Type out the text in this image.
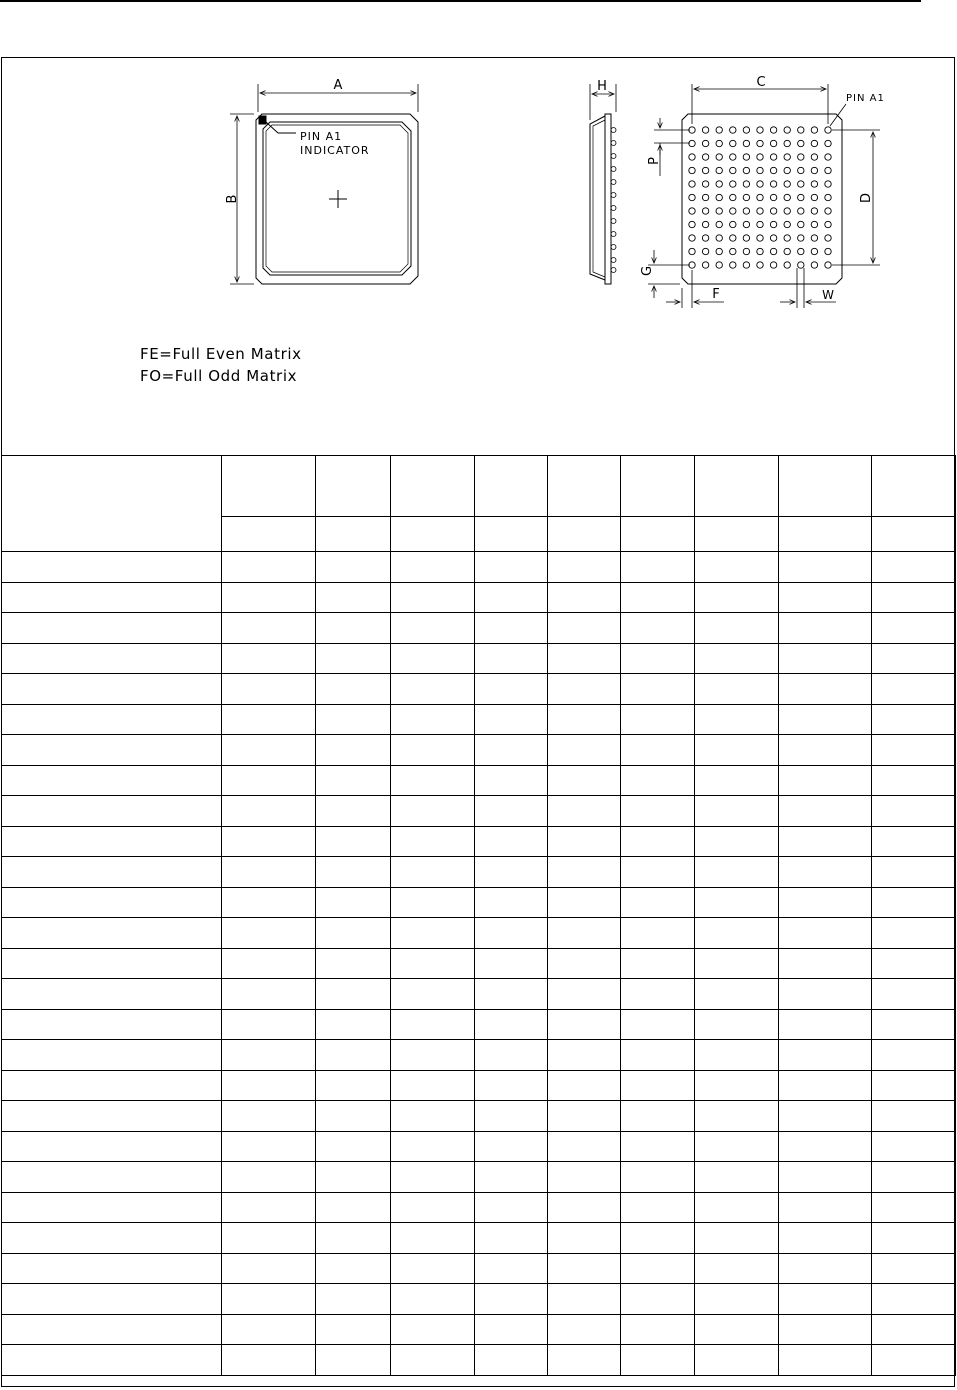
A
B
PIN A1
INDICATOR
H	C
PIN A1
D
P
G
F	W
FE=Full Even Matrix
FO=Full Odd Matrix
